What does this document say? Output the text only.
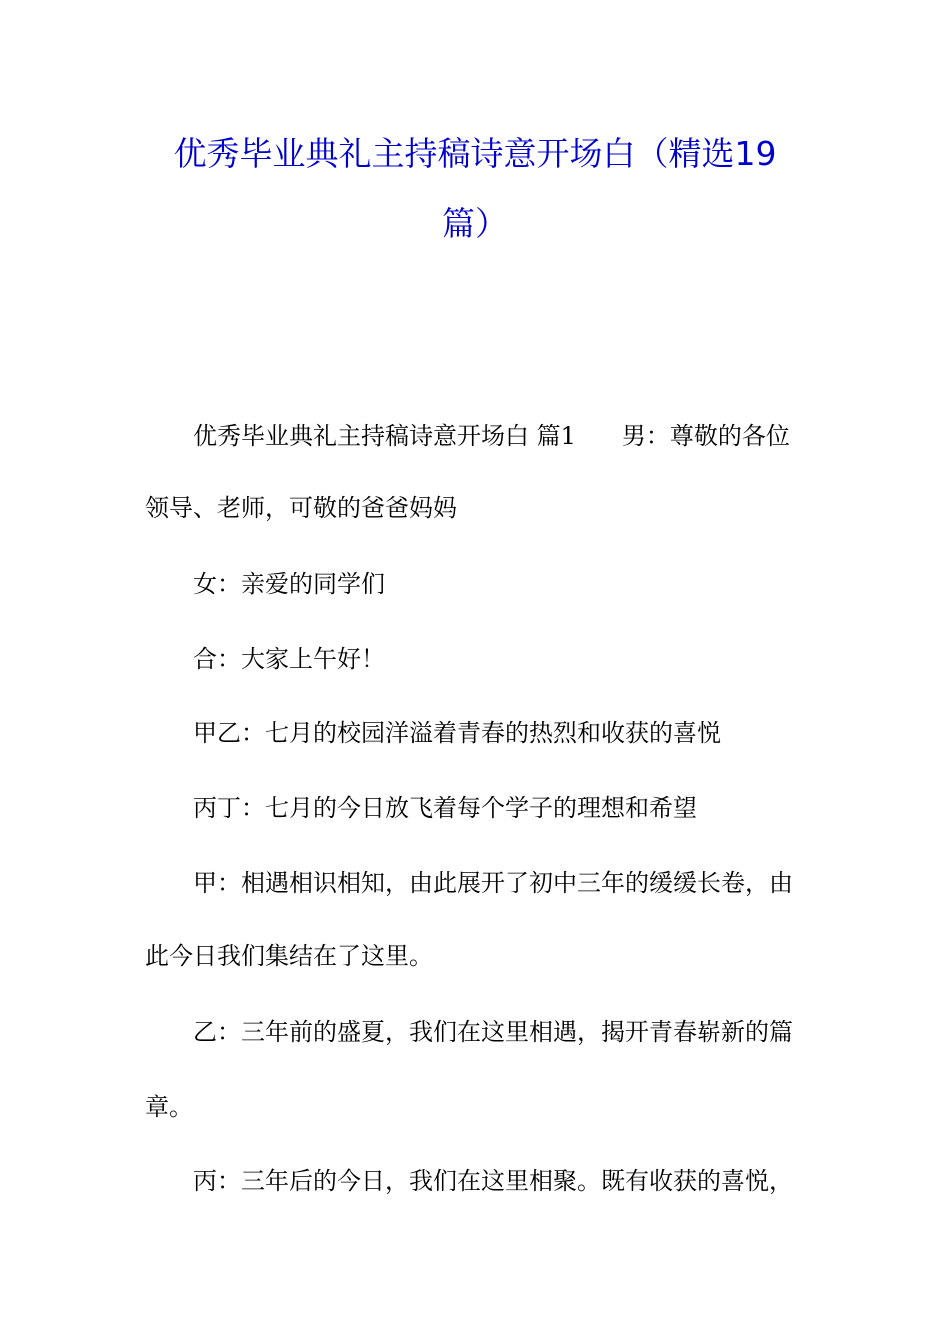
优秀毕业典礼主持稿诗意开场白（精选19
篇）
优秀毕业典礼主持稿诗意开场白 篇1 男：尊敬的各位
领导、老师，可敬的爸爸妈妈
女：亲爱的同学们
合：大家上午好！
甲乙：七月的校园洋溢着青春的热烈和收获的喜悦
丙丁：七月的今日放飞着每个学子的理想和希望
甲：相遇相识相知，由此展开了初中三年的缓缓长卷，由
此今日我们集结在了这里。
乙：三年前的盛夏，我们在这里相遇，揭开青春崭新的篇
章。
丙：三年后的今日，我们在这里相聚。既有收获的喜悦，
